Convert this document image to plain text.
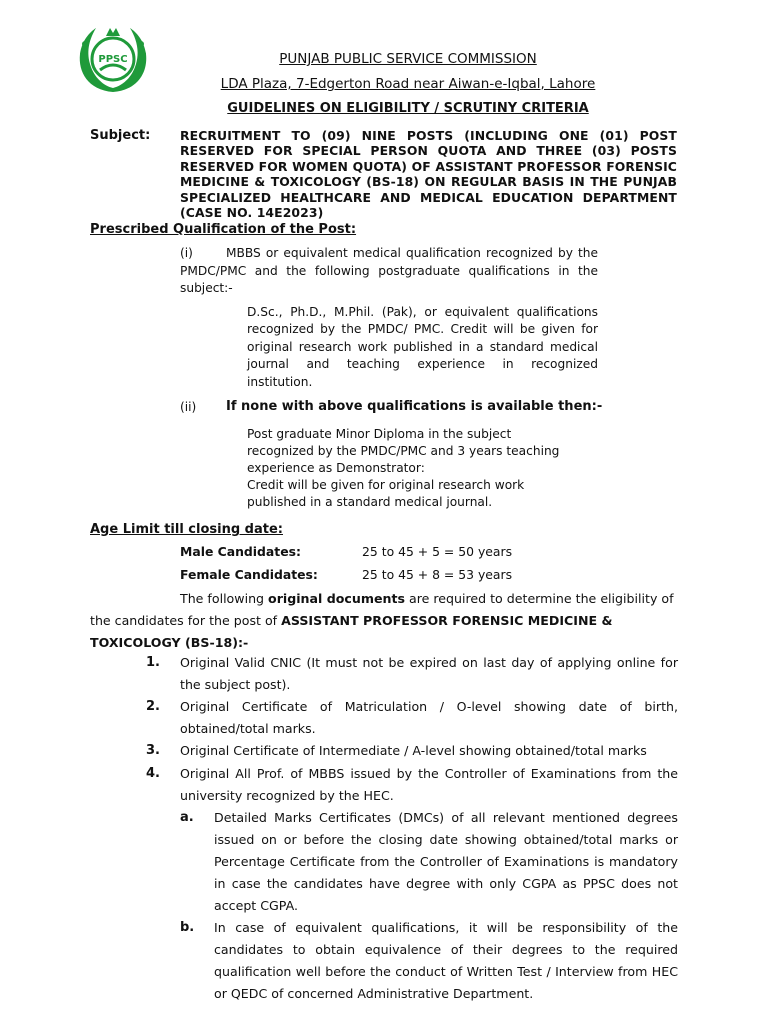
PPSC	PUNJAB PUBLIC SERVICE COMMISSION
LDA Plaza, 7-Edgerton Road near Aiwan-e-Iqbal, Lahore
GUIDELINES ON ELIGIBILITY / SCRUTINY CRITERIA
Subject: RECRUITMENT TO (09) NINE POSTS (INCLUDING ONE (01) POST RESERVED FOR SPECIAL PERSON QUOTA AND THREE (03) POSTS RESERVED FOR WOMEN QUOTA) OF ASSISTANT PROFESSOR FORENSIC MEDICINE & TOXICOLOGY (BS-18) ON REGULAR BASIS IN THE PUNJAB SPECIALIZED HEALTHCARE AND MEDICAL EDUCATION DEPARTMENT (CASE NO. 14E2023)
Prescribed Qualification of the Post:
(i)	MBBS or equivalent medical qualification recognized by the PMDC/PMC and the following postgraduate qualifications in the subject:-
D.Sc., Ph.D., M.Phil. (Pak), or equivalent qualifications recognized by the PMDC/ PMC. Credit will be given for original research work published in a standard medical journal and teaching experience in recognized institution.
(ii) If none with above qualifications is available then:-
Post graduate Minor Diploma in the subject
recognized by the PMDC/PMC and 3 years teaching
experience as Demonstrator:
Credit will be given for original research work
published in a standard medical journal.
Age Limit till closing date:
Male Candidates:	25 to 45 + 5 = 50 years
Female Candidates:	25 to 45 + 8 = 53 years
The following original documents are required to determine the eligibility of the candidates for the post of ASSISTANT PROFESSOR FORENSIC MEDICINE & TOXICOLOGY (BS-18):-
1. Original Valid CNIC (It must not be expired on last day of applying online for the subject post).
2. Original Certificate of Matriculation / O-level showing date of birth, obtained/total marks.
3. Original Certificate of Intermediate / A-level showing obtained/total marks
4. Original All Prof. of MBBS issued by the Controller of Examinations from the university recognized by the HEC.
a. Detailed Marks Certificates (DMCs) of all relevant mentioned degrees issued on or before the closing date showing obtained/total marks or Percentage Certificate from the Controller of Examinations is mandatory in case the candidates have degree with only CGPA as PPSC does not accept CGPA.
b. In case of equivalent qualifications, it will be responsibility of the candidates to obtain equivalence of their degrees to the required qualification well before the conduct of Written Test / Interview from HEC or QEDC of concerned Administrative Department.
